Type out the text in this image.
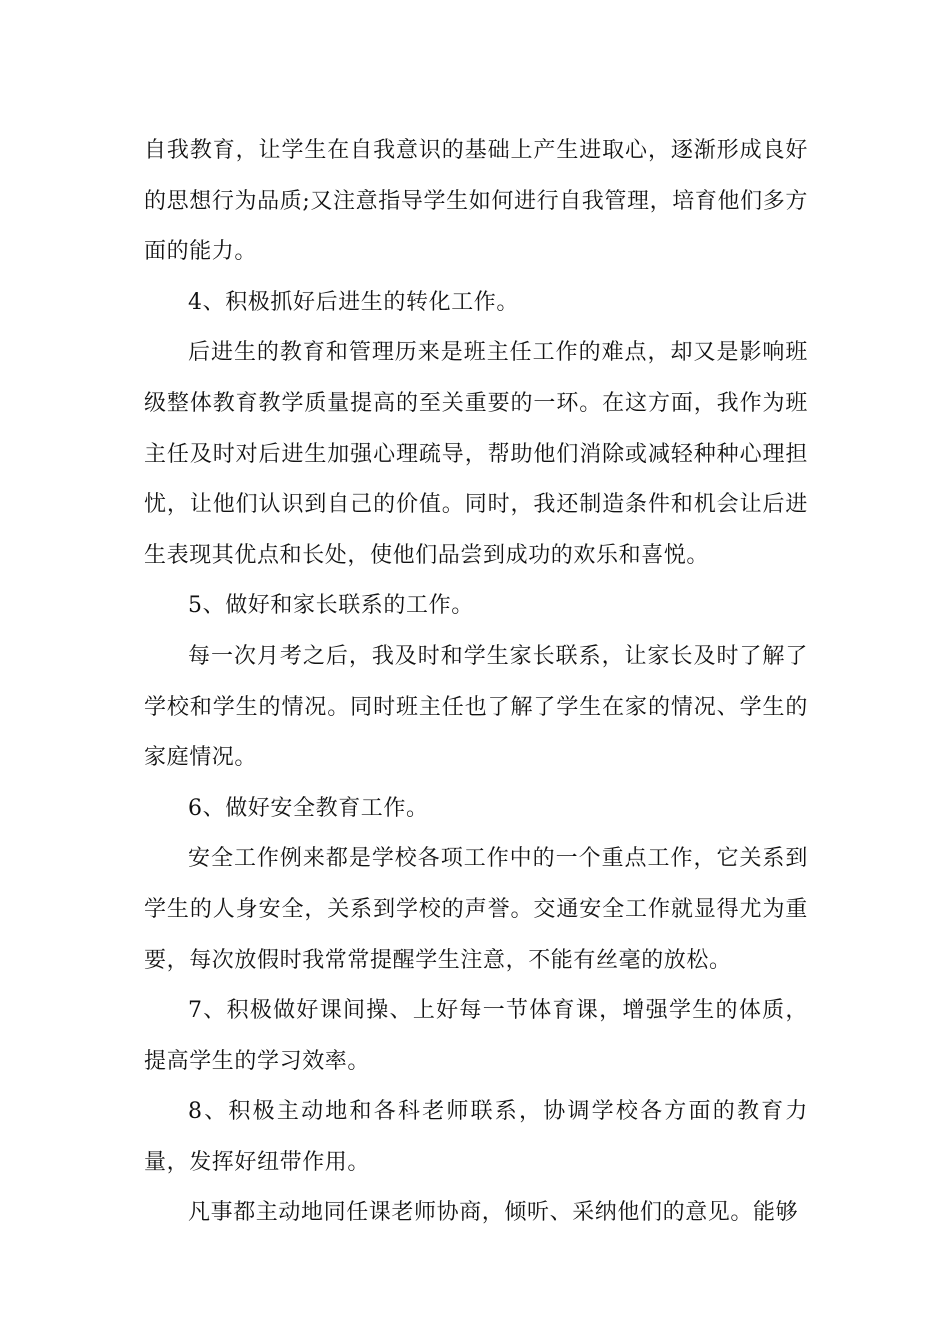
自我教育，让学生在自我意识的基础上产生进取心，逐渐形成良好的思想行为品质;又注意指导学生如何进行自我管理，培育他们多方面的能力。

4、积极抓好后进生的转化工作。

后进生的教育和管理历来是班主任工作的难点，却又是影响班级整体教育教学质量提高的至关重要的一环。在这方面，我作为班主任及时对后进生加强心理疏导，帮助他们消除或减轻种种心理担忧，让他们认识到自己的价值。同时，我还制造条件和机会让后进生表现其优点和长处，使他们品尝到成功的欢乐和喜悦。

5、做好和家长联系的工作。

每一次月考之后，我及时和学生家长联系，让家长及时了解了学校和学生的情况。同时班主任也了解了学生在家的情况、学生的家庭情况。

6、做好安全教育工作。

安全工作例来都是学校各项工作中的一个重点工作，它关系到学生的人身安全，关系到学校的声誉。交通安全工作就显得尤为重要，每次放假时我常常提醒学生注意，不能有丝毫的放松。

7、积极做好课间操、上好每一节体育课，增强学生的体质，提高学生的学习效率。

8、积极主动地和各科老师联系，协调学校各方面的教育力量，发挥好纽带作用。

凡事都主动地同任课老师协商，倾听、采纳他们的意见。能够
